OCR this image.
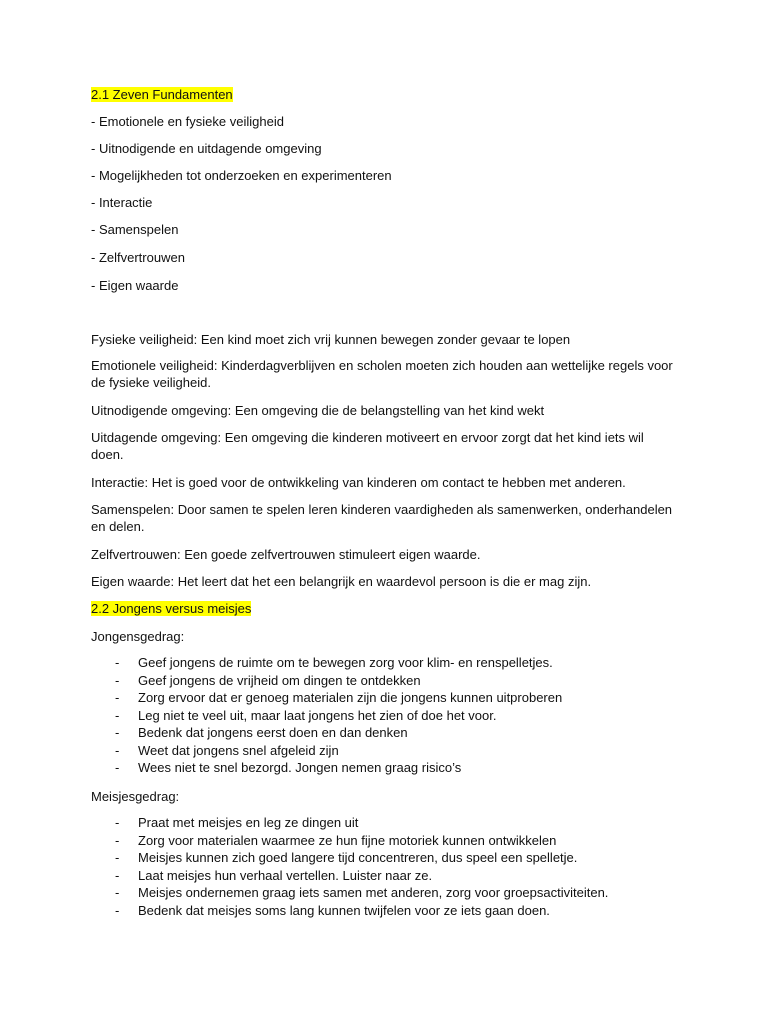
2.1 Zeven Fundamenten
- Emotionele en fysieke veiligheid
- Uitnodigende en uitdagende omgeving
- Mogelijkheden tot onderzoeken en experimenteren
- Interactie
- Samenspelen
- Zelfvertrouwen
- Eigen waarde
Fysieke veiligheid: Een kind moet zich vrij kunnen bewegen zonder gevaar te lopen
Emotionele veiligheid: Kinderdagverblijven en scholen moeten zich houden aan wettelijke regels voor de fysieke veiligheid.
Uitnodigende omgeving: Een omgeving die de belangstelling van het kind wekt
Uitdagende omgeving: Een omgeving die kinderen motiveert en ervoor zorgt dat het kind iets wil doen.
Interactie: Het is goed voor de ontwikkeling van kinderen om contact te hebben met anderen.
Samenspelen: Door samen te spelen leren kinderen vaardigheden als samenwerken, onderhandelen en delen.
Zelfvertrouwen: Een goede zelfvertrouwen stimuleert eigen waarde.
Eigen waarde: Het leert dat het een belangrijk en waardevol persoon is die er mag zijn.
2.2 Jongens versus meisjes
Jongensgedrag:
- Geef jongens de ruimte om te bewegen zorg voor klim- en renspelletjes.
- Geef jongens de vrijheid om dingen te ontdekken
- Zorg ervoor dat er genoeg materialen zijn die jongens kunnen uitproberen
- Leg niet te veel uit, maar laat jongens het zien of doe het voor.
- Bedenk dat jongens eerst doen en dan denken
- Weet dat jongens snel afgeleid zijn
- Wees niet te snel bezorgd. Jongen nemen graag risico’s
Meisjesgedrag:
- Praat met meisjes en leg ze dingen uit
- Zorg voor materialen waarmee ze hun fijne motoriek kunnen ontwikkelen
- Meisjes kunnen zich goed langere tijd concentreren, dus speel een spelletje.
- Laat meisjes hun verhaal vertellen. Luister naar ze.
- Meisjes ondernemen graag iets samen met anderen, zorg voor groepsactiviteiten.
- Bedenk dat meisjes soms lang kunnen twijfelen voor ze iets gaan doen.
